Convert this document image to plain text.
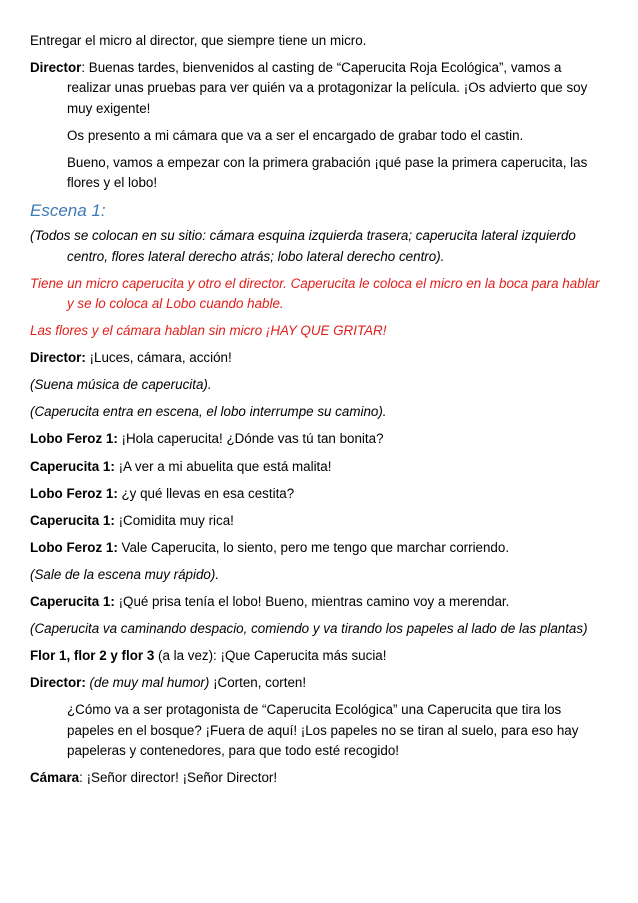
Entregar el micro al director, que siempre tiene un micro.

Director: Buenas tardes, bienvenidos al casting de “Caperucita Roja Ecológica”, vamos a realizar unas pruebas para ver quién va a protagonizar la película. ¡Os advierto que soy muy exigente!

Os presento a mi cámara que va a ser el encargado de grabar todo el castin.

Bueno, vamos a empezar con la primera grabación ¡qué pase la primera caperucita, las flores y el lobo!

Escena 1:

(Todos se colocan en su sitio: cámara esquina izquierda trasera; caperucita lateral izquierdo centro, flores lateral derecho atrás; lobo lateral derecho centro).

Tiene un micro caperucita y otro el director. Caperucita le coloca el micro en la boca para hablar y se lo coloca al Lobo cuando hable.

Las flores y el cámara hablan sin micro ¡HAY QUE GRITAR!

Director: ¡Luces, cámara, acción!

(Suena música de caperucita).

(Caperucita entra en escena, el lobo interrumpe su camino).

Lobo Feroz 1: ¡Hola caperucita! ¿Dónde vas tú tan bonita?

Caperucita 1: ¡A ver a mi abuelita que está malita!

Lobo Feroz 1: ¿y qué llevas en esa cestita?

Caperucita 1: ¡Comidita muy rica!

Lobo Feroz 1: Vale Caperucita, lo siento, pero me tengo que marchar corriendo.

(Sale de la escena muy rápido).

Caperucita 1: ¡Qué prisa tenía el lobo! Bueno, mientras camino voy a merendar.

(Caperucita va caminando despacio, comiendo y va tirando los papeles al lado de las plantas)

Flor 1, flor 2 y flor 3 (a la vez): ¡Que Caperucita más sucia!

Director: (de muy mal humor) ¡Corten, corten!

¿Cómo va a ser protagonista de “Caperucita Ecológica” una Caperucita que tira los papeles en el bosque? ¡Fuera de aquí! ¡Los papeles no se tiran al suelo, para eso hay papeleras y contenedores, para que todo esté recogido!

Cámara: ¡Señor director! ¡Señor Director!
